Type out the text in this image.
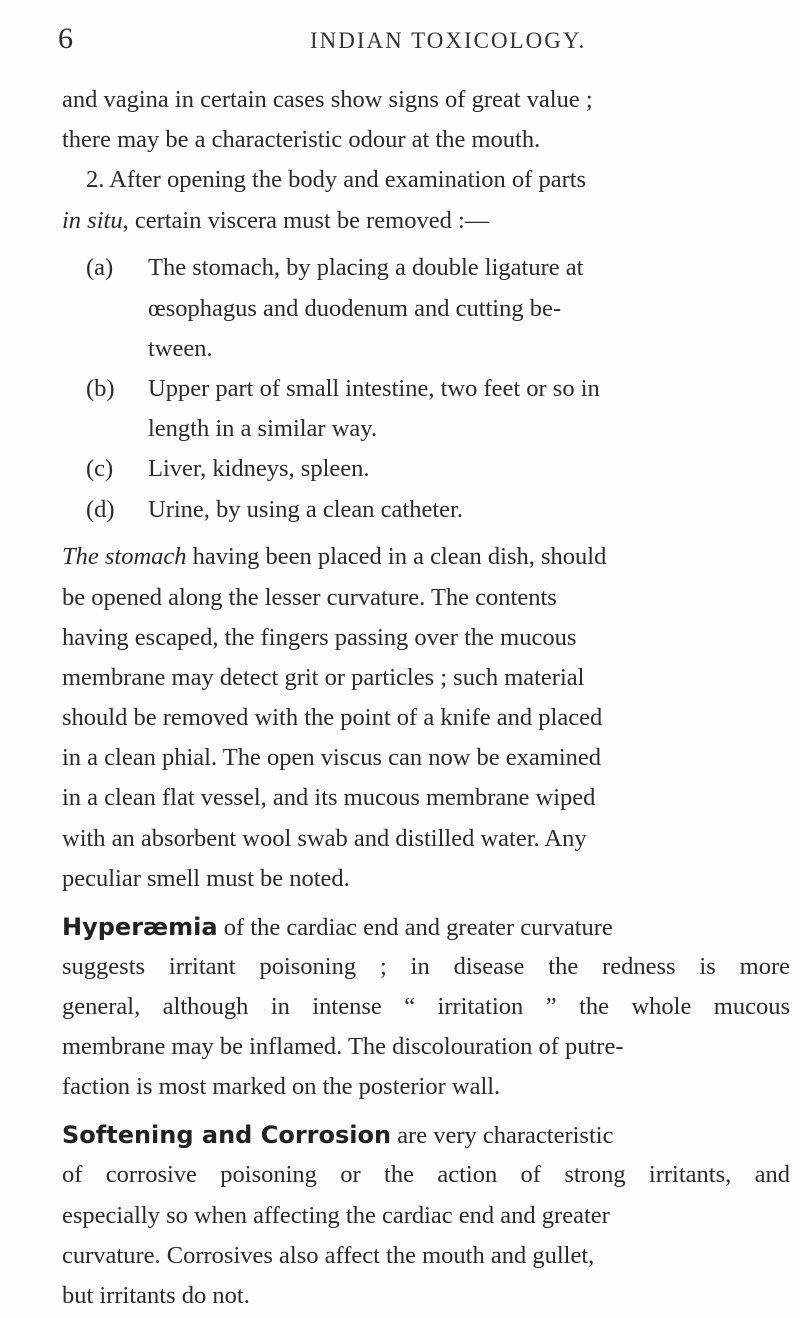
6	INDIAN TOXICOLOGY.
and vagina in certain cases show signs of great value ;
there may be a characteristic odour at the mouth.
2. After opening the body and examination of parts
in situ, certain viscera must be removed :—
(a) The stomach, by placing a double ligature at
œsophagus and duodenum and cutting be-
tween.
(b) Upper part of small intestine, two feet or so in
length in a similar way.
(c) Liver, kidneys, spleen.
(d) Urine, by using a clean catheter.
The stomach having been placed in a clean dish, should
be opened along the lesser curvature. The contents
having escaped, the fingers passing over the mucous
membrane may detect grit or particles ; such material
should be removed with the point of a knife and placed
in a clean phial. The open viscus can now be examined
in a clean flat vessel, and its mucous membrane wiped
with an absorbent wool swab and distilled water. Any
peculiar smell must be noted.
Hyperæmia of the cardiac end and greater curvature
suggests irritant poisoning ; in disease the redness is more
general, although in intense “ irritation ” the whole mucous
membrane may be inflamed. The discolouration of putre-
faction is most marked on the posterior wall.
Softening and Corrosion are very characteristic
of corrosive poisoning or the action of strong irritants, and
especially so when affecting the cardiac end and greater
curvature. Corrosives also affect the mouth and gullet,
but irritants do not.
